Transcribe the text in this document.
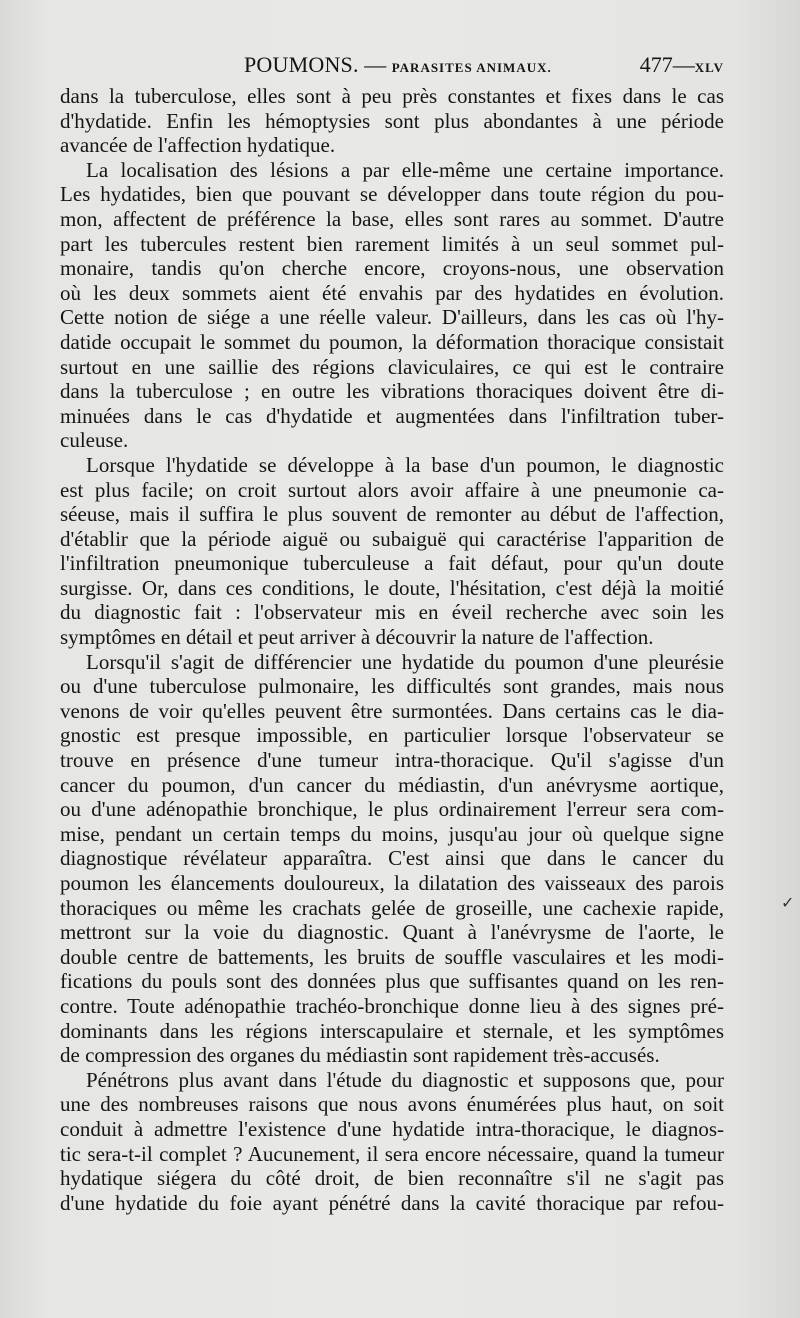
POUMONS. — PARASITES ANIMAUX.	477—XLV
dans la tuberculose, elles sont à peu près constantes et fixes dans le cas
d'hydatide. Enfin les hémoptysies sont plus abondantes à une période
avancée de l'affection hydatique.
La localisation des lésions a par elle-même une certaine importance.
Les hydatides, bien que pouvant se développer dans toute région du pou-
mon, affectent de préférence la base, elles sont rares au sommet. D'autre
part les tubercules restent bien rarement limités à un seul sommet pul-
monaire, tandis qu'on cherche encore, croyons-nous, une observation
où les deux sommets aient été envahis par des hydatides en évolution.
Cette notion de siége a une réelle valeur. D'ailleurs, dans les cas où l'hy-
datide occupait le sommet du poumon, la déformation thoracique consistait
surtout en une saillie des régions claviculaires, ce qui est le contraire
dans la tuberculose ; en outre les vibrations thoraciques doivent être di-
minuées dans le cas d'hydatide et augmentées dans l'infiltration tuber-
culeuse.
Lorsque l'hydatide se développe à la base d'un poumon, le diagnostic
est plus facile; on croit surtout alors avoir affaire à une pneumonie ca-
séeuse, mais il suffira le plus souvent de remonter au début de l'affection,
d'établir que la période aiguë ou subaiguë qui caractérise l'apparition de
l'infiltration pneumonique tuberculeuse a fait défaut, pour qu'un doute
surgisse. Or, dans ces conditions, le doute, l'hésitation, c'est déjà la moitié
du diagnostic fait : l'observateur mis en éveil recherche avec soin les
symptômes en détail et peut arriver à découvrir la nature de l'affection.
Lorsqu'il s'agit de différencier une hydatide du poumon d'une pleurésie
ou d'une tuberculose pulmonaire, les difficultés sont grandes, mais nous
venons de voir qu'elles peuvent être surmontées. Dans certains cas le dia-
gnostic est presque impossible, en particulier lorsque l'observateur se
trouve en présence d'une tumeur intra-thoracique. Qu'il s'agisse d'un
cancer du poumon, d'un cancer du médiastin, d'un anévrysme aortique,
ou d'une adénopathie bronchique, le plus ordinairement l'erreur sera com-
mise, pendant un certain temps du moins, jusqu'au jour où quelque signe
diagnostique révélateur apparaîtra. C'est ainsi que dans le cancer du
poumon les élancements douloureux, la dilatation des vaisseaux des parois
thoraciques ou même les crachats gelée de groseille, une cachexie rapide,
mettront sur la voie du diagnostic. Quant à l'anévrysme de l'aorte, le
double centre de battements, les bruits de souffle vasculaires et les modi-
fications du pouls sont des données plus que suffisantes quand on les ren-
contre. Toute adénopathie trachéo-bronchique donne lieu à des signes pré-
dominants dans les régions interscapulaire et sternale, et les symptômes
de compression des organes du médiastin sont rapidement très-accusés.
Pénétrons plus avant dans l'étude du diagnostic et supposons que, pour
une des nombreuses raisons que nous avons énumérées plus haut, on soit
conduit à admettre l'existence d'une hydatide intra-thoracique, le diagnos-
tic sera-t-il complet ? Aucunement, il sera encore nécessaire, quand la tumeur
hydatique siégera du côté droit, de bien reconnaître s'il ne s'agit pas
d'une hydatide du foie ayant pénétré dans la cavité thoracique par refou-
✓
